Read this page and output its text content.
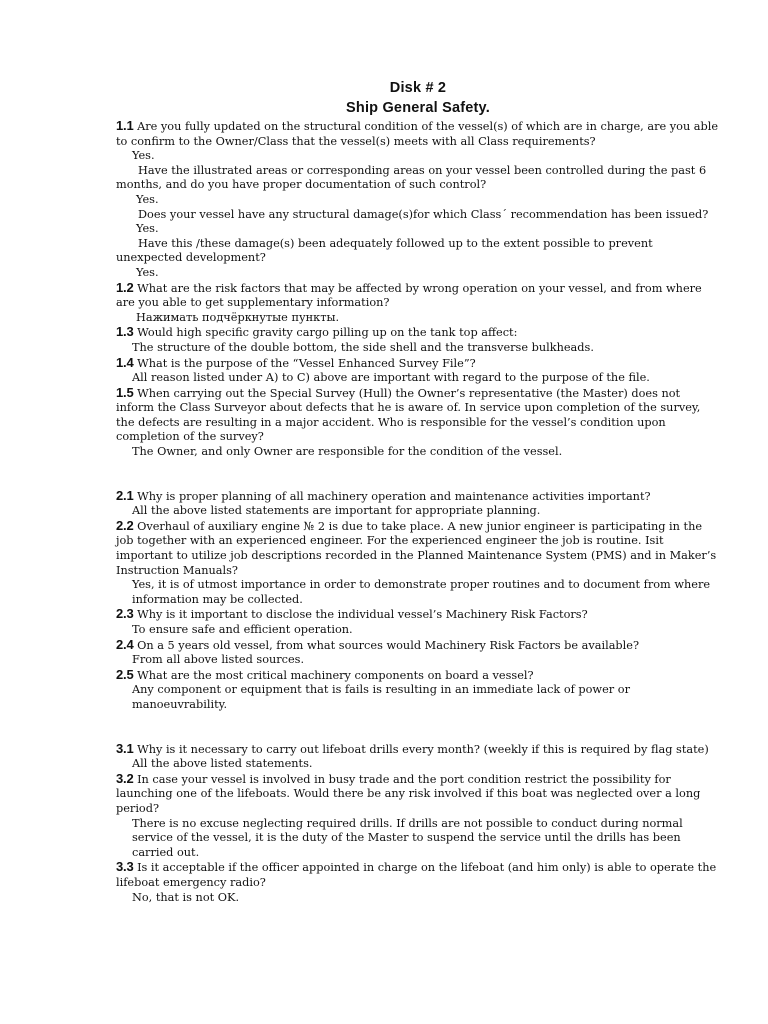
Disk # 2
Ship General Safety.

1.1 Are you fully updated on the structural condition of the vessel(s) of which are in charge, are you able to confirm to the Owner/Class that the vessel(s) meets with all Class requirements?

Yes.

Have the illustrated areas or corresponding areas on your vessel been controlled during the past 6 months, and do you have proper documentation of such control?

Yes.

Does your vessel have any structural damage(s)for which Class´ recommendation has been issued?

Yes.

Have this /these damage(s) been adequately followed up to the extent possible to prevent unexpected development?

Yes.

1.2 What are the risk factors that may be affected by wrong operation on your vessel, and from where are you able to get supplementary information?

Нажимать подчёркнутые пункты.

1.3 Would high specific gravity cargo pilling up on the tank top affect:

The structure of the double bottom, the side shell and the transverse bulkheads.

1.4 What is the purpose of the “Vessel Enhanced Survey File”?

All reason listed under A) to C) above are important with regard to the purpose of the file.

1.5 When carrying out the Special Survey (Hull) the Owner’s representative (the Master) does not inform the Class Surveyor about defects that he is aware of. In service upon completion of the survey, the defects are resulting in a major accident. Who is responsible for the vessel’s condition upon completion of the survey?

The Owner, and only Owner are responsible for the condition of the vessel.

2.1 Why is proper planning of all machinery operation and maintenance activities important?

All the above listed statements are important for appropriate planning.

2.2 Overhaul of auxiliary engine № 2 is due to take place. A new junior engineer is participating in the job together with an experienced engineer. For the experienced engineer the job is routine. Isit important to utilize job descriptions recorded in the Planned Maintenance System (PMS) and in Maker’s Instruction Manuals?

Yes, it is of utmost importance in order to demonstrate proper routines and to document from where information may be collected.

2.3 Why is it important to disclose the individual vessel’s Machinery Risk Factors?

To ensure safe and efficient operation.

2.4 On a 5 years old vessel, from what sources would Machinery Risk Factors be available?

From all above listed sources.

2.5 What are the most critical machinery components on board a vessel?

Any component or equipment that is fails is resulting in an immediate lack of power or manoeuvrability.

3.1 Why is it necessary to carry out lifeboat drills every month? (weekly if this is required by flag state)

All the above listed statements.

3.2 In case your vessel is involved in busy trade and the port condition restrict the possibility for launching one of the lifeboats. Would there be any risk involved if this boat was neglected over a long period?

There is no excuse neglecting required drills. If drills are not possible to conduct during normal service of the vessel, it is the duty of the Master to suspend the service until the drills has been carried out.

3.3 Is it acceptable if the officer appointed in charge on the lifeboat (and him only) is able to operate the lifeboat emergency radio?

No, that is not OK.
